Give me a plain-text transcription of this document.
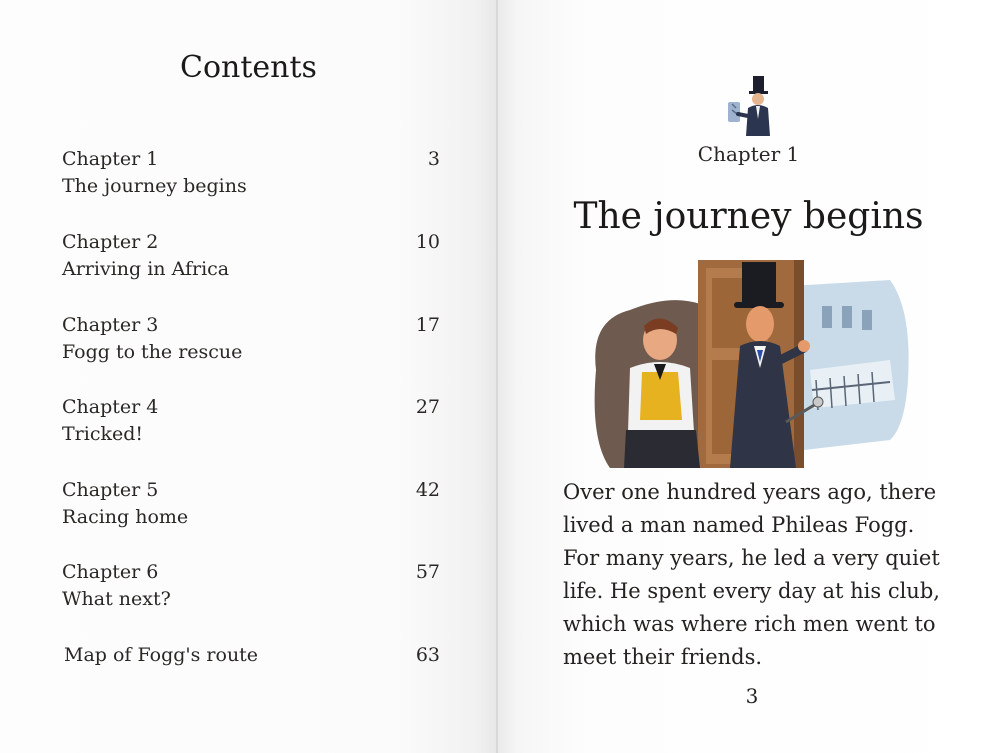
Contents
Chapter 1
The journey begins
3
Chapter 2
Arriving in Africa
10
Chapter 3
Fogg to the rescue
17
Chapter 4
Tricked!
27
Chapter 5
Racing home
42
Chapter 6
What next?
57
Map of Fogg's route	63
Chapter 1
The journey begins
Over one hundred years ago, there
lived a man named Phileas Fogg.
For many years, he led a very quiet
life. He spent every day at his club,
which was where rich men went to
meet their friends.
3
